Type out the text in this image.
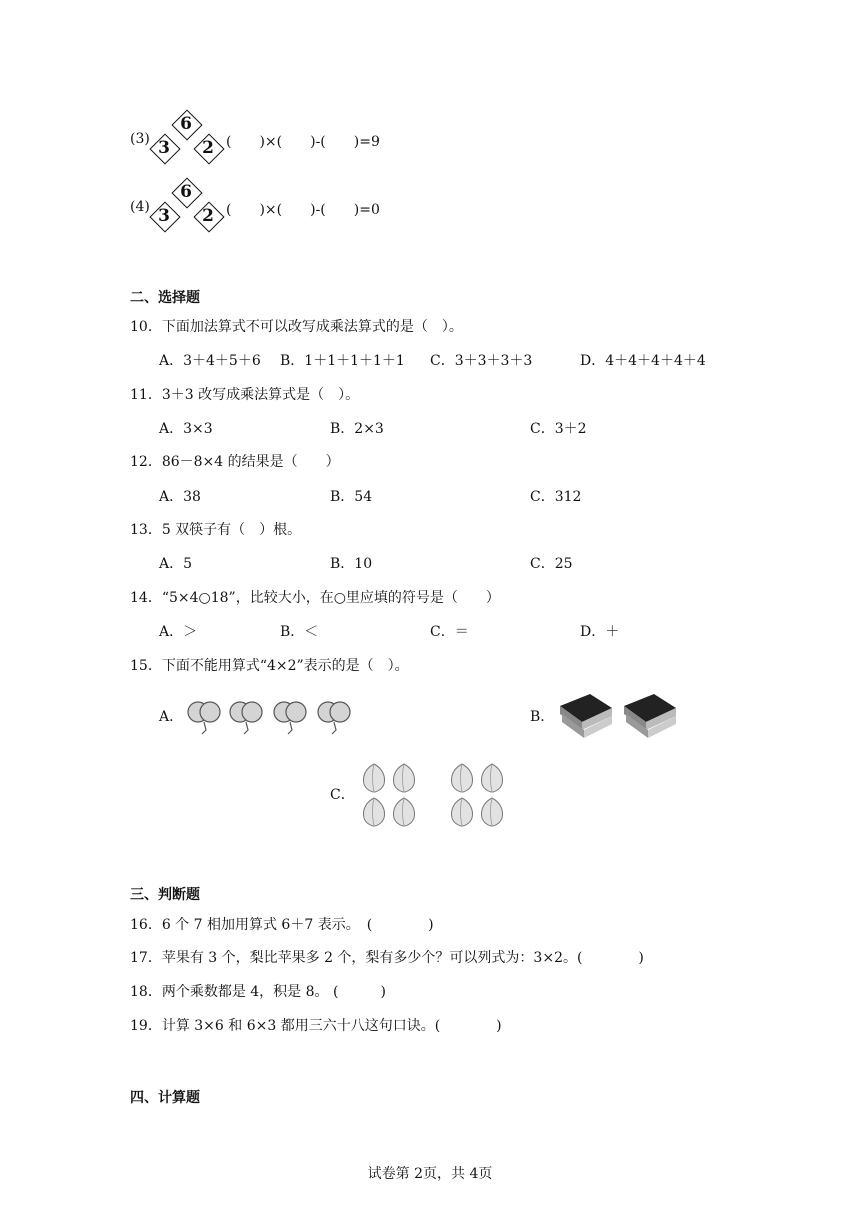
(3)
6
3	2 (　　)×(　　)-(　　)=9
(4)
6
3	2 (　　)×(　　)-(　　)=0
二、选择题
10．下面加法算式不可以改写成乘法算式的是（　）。
A．3＋4＋5＋6 B．1＋1＋1＋1＋1 C．3＋3＋3＋3	D．4＋4＋4＋4＋4
11．3＋3 改写成乘法算式是（　）。
A．3×3	B．2×3	C．3＋2
12．86－8×4 的结果是（　　）
A．38	B．54	C．312
13．5 双筷子有（　）根。
A．5	B．10	C．25
14．“5×4○18”，比较大小，在○里应填的符号是（　　）
A．＞	B．＜	C．＝	D．＋
15．下面不能用算式“4×2”表示的是（　）。
A．	B．
C．
三、判断题
16．6 个 7 相加用算式 6＋7 表示。　(　　　　)
17．苹果有 3 个，梨比苹果多 2 个，梨有多少个？可以列式为：3×2。(　　　　)
18．两个乘数都是 4，积是 8。 (　　　)
19．计算 3×6 和 6×3 都用三六十八这句口诀。(　　　　)
四、计算题
试卷第 2页，共 4页
